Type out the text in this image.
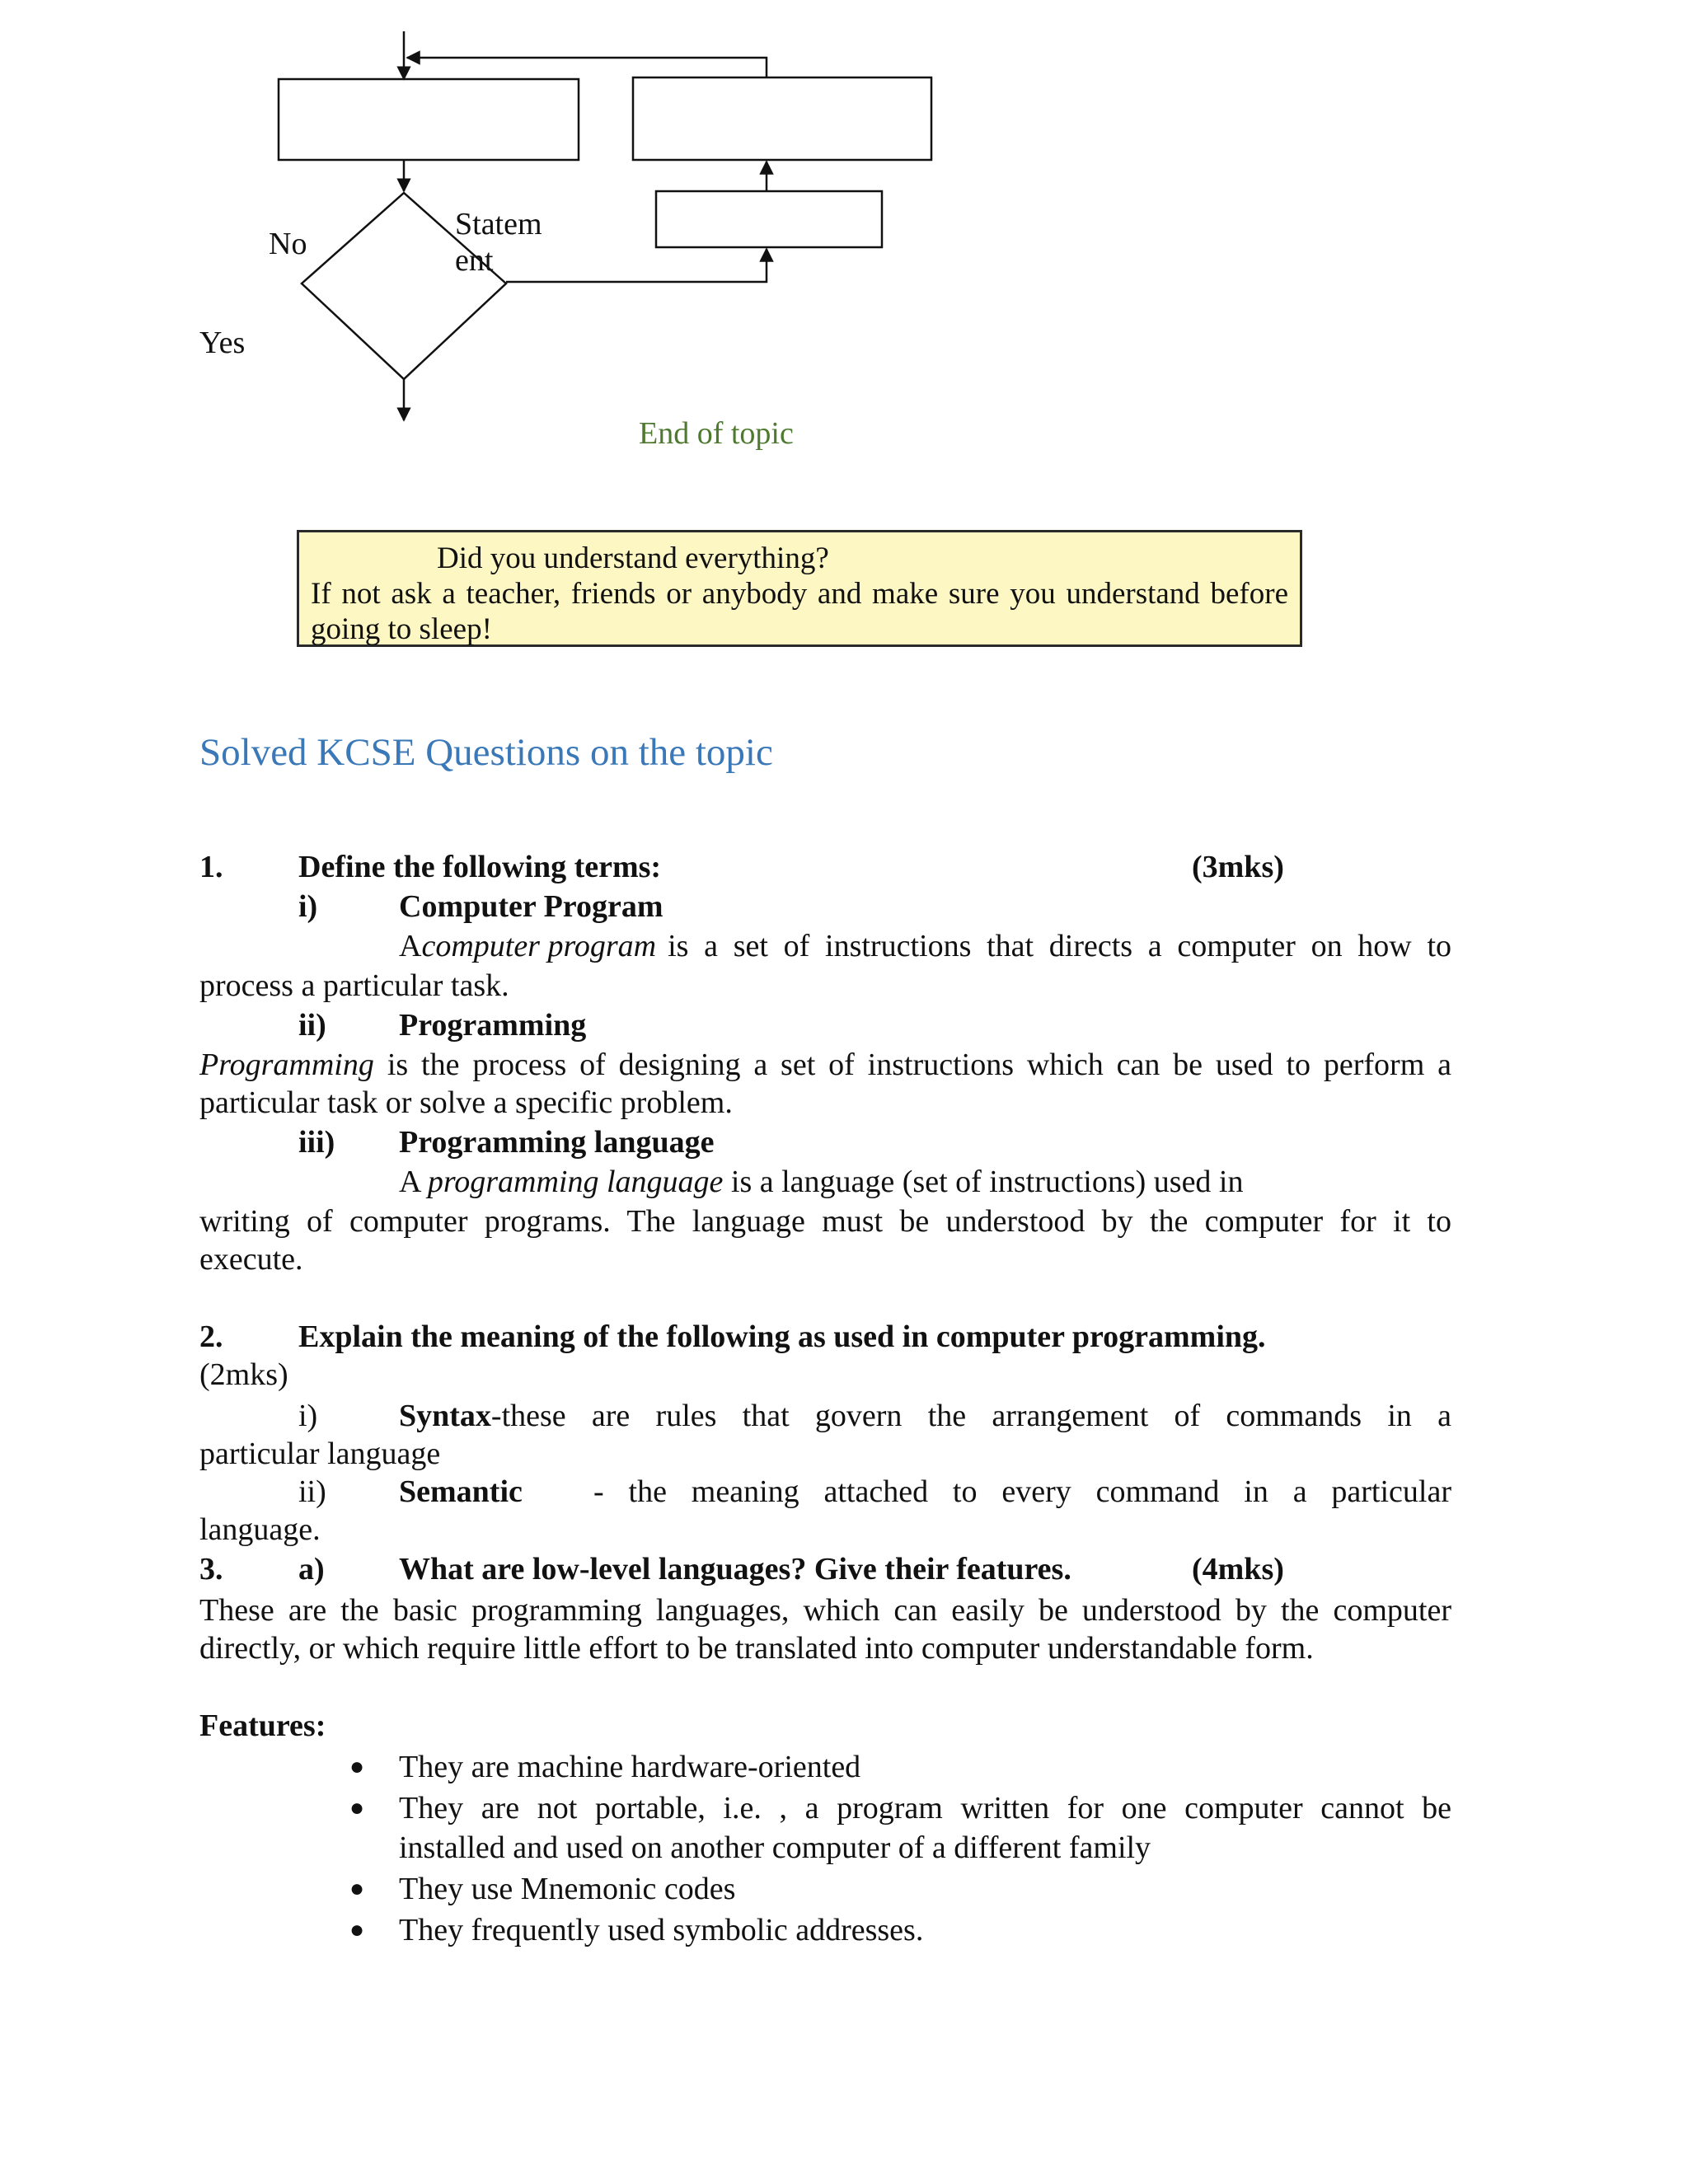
No
Statem
ent
Yes
End of topic
Did you understand everything?
If not ask a teacher, friends or anybody and make sure you understand before
going to sleep!
Solved KCSE Questions on the topic
1. Define the following terms:	(3mks)
i)	Computer Program
A computer program is a set of instructions that directs a computer on how to
process a particular task.
ii) Programming
Programming is the process of designing a set of instructions which can be used to perform a
particular task or solve a specific problem.
iii) Programming language
A programming language is a language (set of instructions) used in
writing of computer programs. The language must be understood by the computer for it to
execute.
2. Explain the meaning of the following as used in computer programming.
(2mks)
i)	Syntax -these are rules that govern the arrangement of commands in a
particular language
ii) Semantic - the meaning attached to every command in a particular
language.
3. a) What are low-level languages? Give their features.	(4mks)
These are the basic programming languages, which can easily be understood by the computer
directly, or which require little effort to be translated into computer understandable form.
Features:
● They are machine hardware-oriented
● They are not portable, i.e. , a program written for one computer cannot be
installed and used on another computer of a different family
● They use Mnemonic codes
● They frequently used symbolic addresses.
